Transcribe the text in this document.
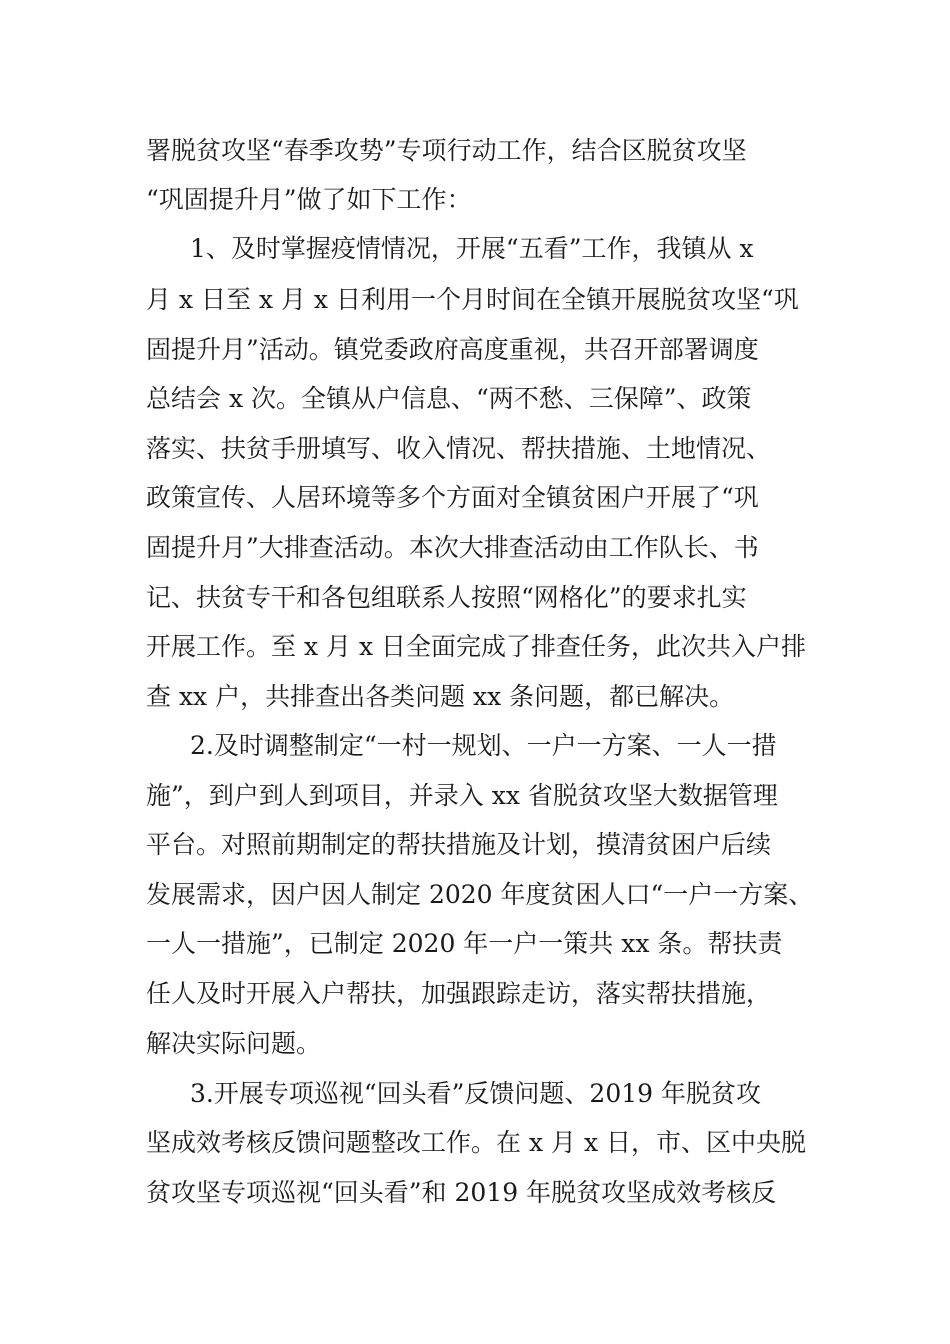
署脱贫攻坚“春季攻势”专项行动工作，结合区脱贫攻坚

“巩固提升月”做了如下工作：

1、及时掌握疫情情况，开展“五看”工作，我镇从 x

月 x 日至 x 月 x 日利用一个月时间在全镇开展脱贫攻坚“巩

固提升月”活动。镇党委政府高度重视，共召开部署调度

总结会 x 次。全镇从户信息、“两不愁、三保障”、政策

落实、扶贫手册填写、收入情况、帮扶措施、土地情况、

政策宣传、人居环境等多个方面对全镇贫困户开展了“巩

固提升月”大排查活动。本次大排查活动由工作队长、书

记、扶贫专干和各包组联系人按照“网格化”的要求扎实

开展工作。至 x 月 x 日全面完成了排查任务，此次共入户排

查 xx 户，共排查出各类问题 xx 条问题，都已解决。

2.及时调整制定“一村一规划、一户一方案、一人一措

施”，到户到人到项目，并录入 xx 省脱贫攻坚大数据管理

平台。对照前期制定的帮扶措施及计划，摸清贫困户后续

发展需求，因户因人制定 2020 年度贫困人口“一户一方案、

一人一措施”，已制定 2020 年一户一策共 xx 条。帮扶责

任人及时开展入户帮扶，加强跟踪走访，落实帮扶措施，

解决实际问题。

3.开展专项巡视“回头看”反馈问题、2019 年脱贫攻

坚成效考核反馈问题整改工作。在 x 月 x 日，市、区中央脱

贫攻坚专项巡视“回头看”和 2019 年脱贫攻坚成效考核反
